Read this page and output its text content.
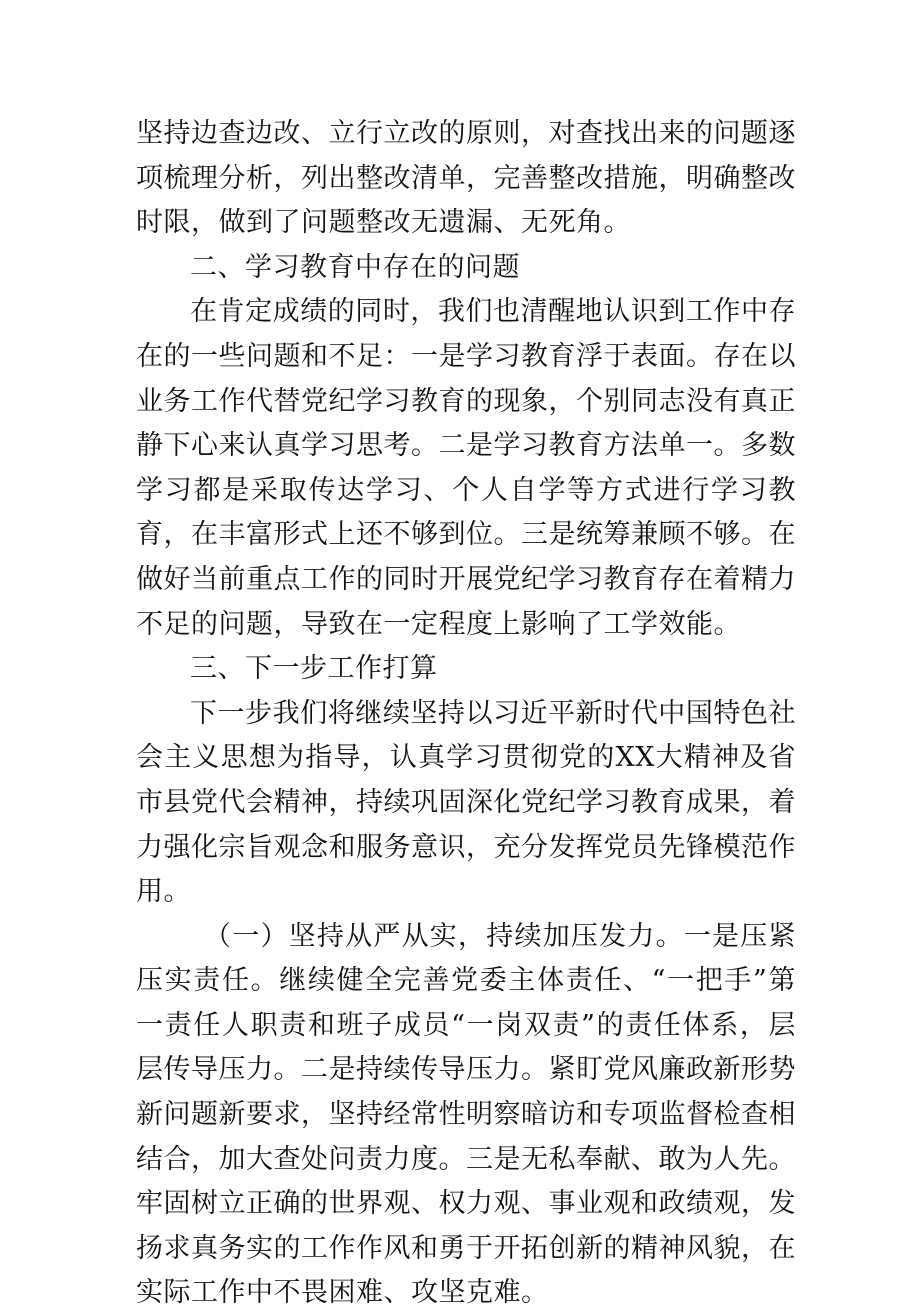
坚持边查边改、立行立改的原则，对查找出来的问题逐项梳理分析，列出整改清单，完善整改措施，明确整改时限，做到了问题整改无遗漏、无死角。

二、学习教育中存在的问题

在肯定成绩的同时，我们也清醒地认识到工作中存在的一些问题和不足：一是学习教育浮于表面。存在以业务工作代替党纪学习教育的现象，个别同志没有真正静下心来认真学习思考。二是学习教育方法单一。多数学习都是采取传达学习、个人自学等方式进行学习教育，在丰富形式上还不够到位。三是统筹兼顾不够。在做好当前重点工作的同时开展党纪学习教育存在着精力不足的问题，导致在一定程度上影响了工学效能。

三、下一步工作打算

下一步我们将继续坚持以习近平新时代中国特色社会主义思想为指导，认真学习贯彻党的XX大精神及省市县党代会精神，持续巩固深化党纪学习教育成果，着力强化宗旨观念和服务意识，充分发挥党员先锋模范作用。

（一）坚持从严从实，持续加压发力。一是压紧压实责任。继续健全完善党委主体责任、“一把手”第一责任人职责和班子成员“一岗双责”的责任体系，层层传导压力。二是持续传导压力。紧盯党风廉政新形势新问题新要求，坚持经常性明察暗访和专项监督检查相结合，加大查处问责力度。三是无私奉献、敢为人先。牢固树立正确的世界观、权力观、事业观和政绩观，发扬求真务实的工作作风和勇于开拓创新的精神风貌，在实际工作中不畏困难、攻坚克难。
